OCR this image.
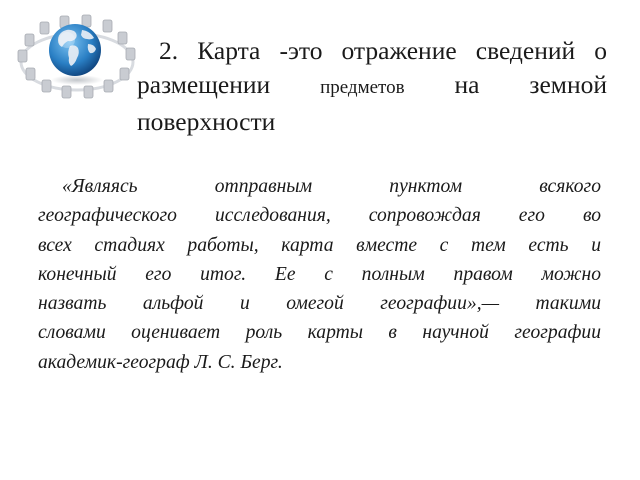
2. Карта -это отражение сведений о
размещении	предметов на земной
поверхности

«Являясь отправным пунктом всякого
географического исследования, сопровождая его во
всех стадиях работы, карта вместе с тем есть и
конечный его итог. Ее с полным правом можно
назвать альфой и омегой географии»,— такими
словами оценивает роль карты в научной географии
академик-географ Л. С. Берг.
